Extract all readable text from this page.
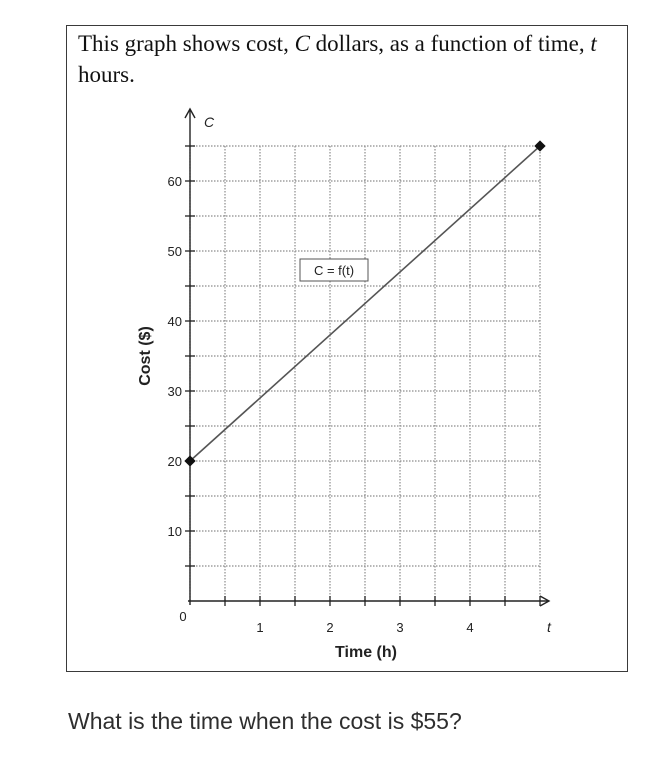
This graph shows cost, C dollars, as a function of time, t hours.
1	2	3	4
10
20
30
40
50
60
0
C
t
Time (h)
Cost ($)
C = f(t)
What is the time when the cost is $55?
